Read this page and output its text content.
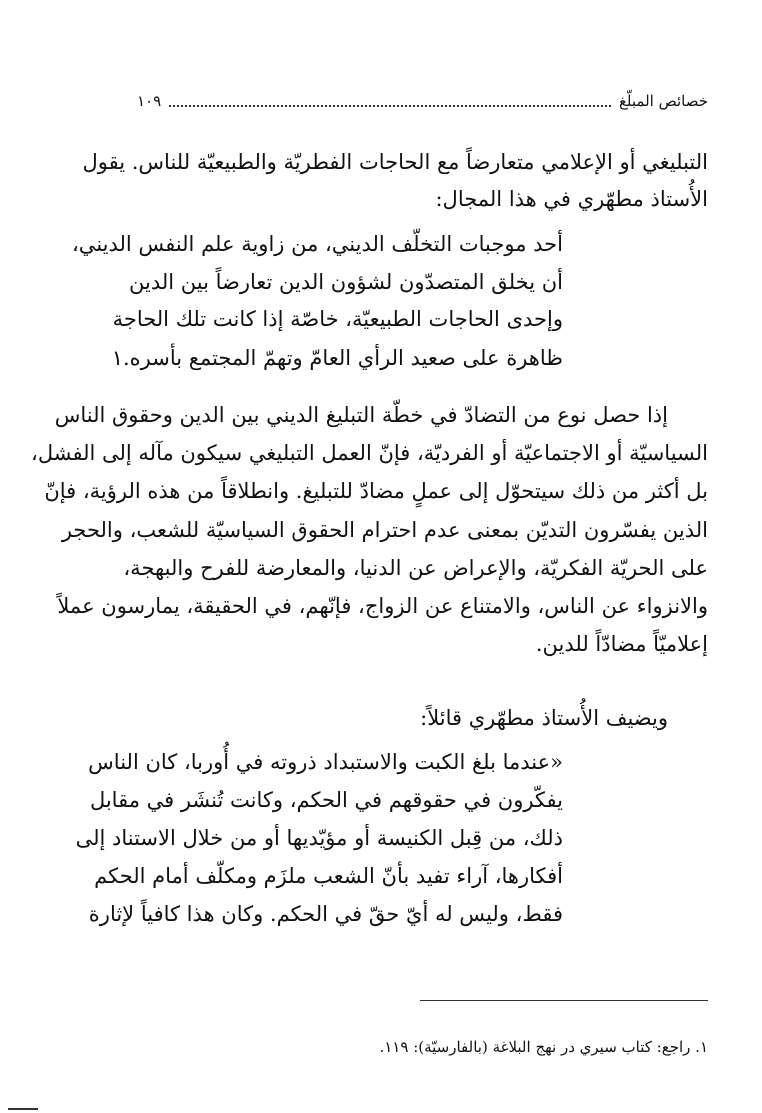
خصائص المبلّغ
١٠٩
التبليغي أو الإعلامي متعارضاً مع الحاجات الفطريّة والطبيعيّة للناس. يقول
الأُستاذ مطهّري في هذا المجال:
أحد موجبات التخلّف الديني، من زاوية علم النفس الديني،
أن يخلق المتصدّون لشؤون الدين تعارضاً بين الدين
وإحدى الحاجات الطبيعيّة، خاصّة إذا كانت تلك الحاجة
ظاهرة على صعيد الرأي العامّ وتهمّ المجتمع بأسره.١
إذا حصل نوع من التضادّ في خطّة التبليغ الديني بين الدين وحقوق الناس
السياسيّة أو الاجتماعيّة أو الفرديّة، فإنّ العمل التبليغي سيكون مآله إلى الفشل،
بل أكثر من ذلك سيتحوّل إلى عملٍ مضادّ للتبليغ. وانطلاقاً من هذه الرؤية، فإنّ
الذين يفسّرون التديّن بمعنى عدم احترام الحقوق السياسيّة للشعب، والحجر
على الحريّة الفكريّة، والإعراض عن الدنيا، والمعارضة للفرح والبهجة،
والانزواء عن الناس، والامتناع عن الزواج، فإنّهم، في الحقيقة، يمارسون عملاً
إعلاميّاً مضادّاً للدين.
ويضيف الأُستاذ مطهّري قائلاً:
«عندما بلغ الكبت والاستبداد ذروته في أُوربا، كان الناس
يفكّرون في حقوقهم في الحكم، وكانت تُنشَر في مقابل
ذلك، من قِبل الكنيسة أو مؤيّديها أو من خلال الاستناد إلى
أفكارها، آراء تفيد بأنّ الشعب ملزَم ومكلّف أمام الحكم
فقط، وليس له أيّ حقّ في الحكم. وكان هذا كافياً لإثارة
١. راجع: كتاب سيري در نهج البلاغة (بالفارسيّة): ١١٩.
